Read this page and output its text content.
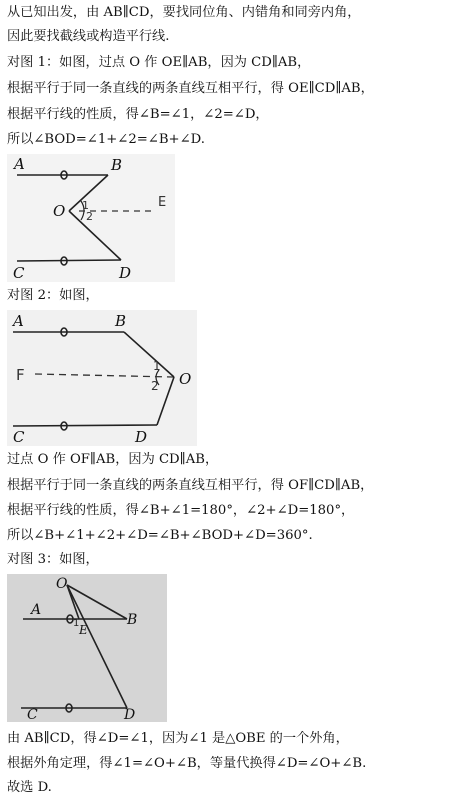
从已知出发，由 AB∥CD，要找同位角、内错角和同旁内角，
因此要找截线或构造平行线.
对图 1：如图，过点 O 作 OE∥AB，因为 CD∥AB，
根据平行于同一条直线的两条直线互相平行，得 OE∥CD∥AB，
根据平行线的性质，得∠B=∠1，∠2=∠D，
所以∠BOD=∠1+∠2=∠B+∠D.
A	B
O
C	D
1
2
E
对图 2：如图，
A	B
O
C	D
F	1
2
过点 O 作 OF∥AB，因为 CD∥AB，
根据平行于同一条直线的两条直线互相平行，得 OF∥CD∥AB，
根据平行线的性质，得∠B+∠1=180°，∠2+∠D=180°，
所以∠B+∠1+∠2+∠D=∠B+∠BOD+∠D=360°.
对图 3：如图，
O
A
B
E
C	D
1
由 AB∥CD，得∠D=∠1，因为∠1 是△OBE 的一个外角，
根据外角定理，得∠1=∠O+∠B，等量代换得∠D=∠O+∠B.
故选 D.
